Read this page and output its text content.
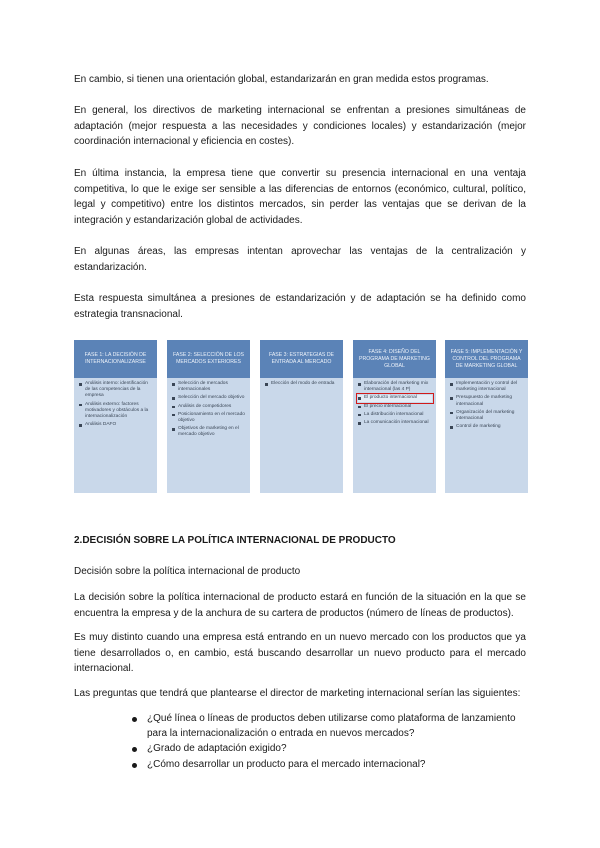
En cambio, si tienen una orientación global, estandarizarán en gran medida estos programas.

En general, los directivos de marketing internacional se enfrentan a presiones simultáneas de adaptación (mejor respuesta a las necesidades y condiciones locales) y estandarización (mejor coordinación internacional y eficiencia en costes).

En última instancia, la empresa tiene que convertir su presencia internacional en una ventaja competitiva, lo que le exige ser sensible a las diferencias de entornos (económico, cultural, político, legal y competitivo) entre los distintos mercados, sin perder las ventajas que se derivan de la integración y estandarización global de actividades.

En algunas áreas, las empresas intentan aprovechar las ventajas de la centralización y estandarización.

Esta respuesta simultánea a presiones de estandarización y de adaptación se ha definido como estrategia transnacional.

FASE 1: LA DECISIÓN DE INTERNACIONALIZARSE
Análisis interno: identificación de las competencias de la empresa
Análisis externo: factores motivadores y obstáculos a la internacionalización
Análisis DAFO
FASE 2: SELECCIÓN DE LOS MERCADOS EXTERIORES
Selección de mercados internacionales
Selección del mercado objetivo
Análisis de competidores
Posicionamiento en el mercado objetivo
Objetivos de marketing en el mercado objetivo
FASE 3: ESTRATEGIAS DE ENTRADA AL MERCADO
Elección del modo de entrada
FASE 4: DISEÑO DEL PROGRAMA DE MARKETING GLOBAL
Elaboración del marketing mix internacional (las 4 P)
El producto internacional
El precio internacional
La distribución internacional
La comunicación internacional
FASE 5: IMPLEMENTACIÓN Y CONTROL DEL PROGRAMA DE MARKETING GLOBAL
Implementación y control del marketing internacional
Presupuesto de marketing internacional
Organización del marketing internacional
Control de marketing
2.DECISIÓN SOBRE LA POLÍTICA INTERNACIONAL DE PRODUCTO

Decisión sobre la política internacional de producto

La decisión sobre la política internacional de producto estará en función de la situación en la que se encuentra la empresa y de la anchura de su cartera de productos (número de líneas de productos).

Es muy distinto cuando una empresa está entrando en un nuevo mercado con los productos que ya tiene desarrollados o, en cambio, está buscando desarrollar un nuevo producto para el mercado internacional.

Las preguntas que tendrá que plantearse el director de marketing internacional serían las siguientes:

¿Qué línea o líneas de productos deben utilizarse como plataforma de lanzamiento para la internacionalización o entrada en nuevos mercados?
¿Grado de adaptación exigido?
¿Cómo desarrollar un producto para el mercado internacional?
